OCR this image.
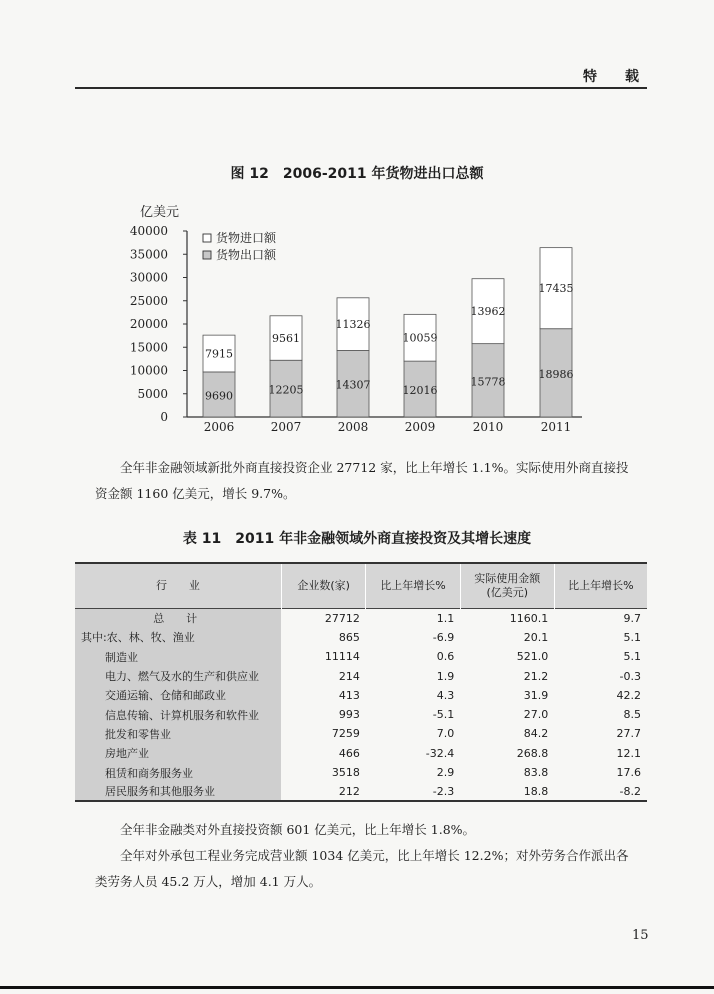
特　载
图 12　2006-2011 年货物进出口总额
亿美元
40000
35000
30000
25000
20000
15000
10000
5000
0
9690
7915
2006
12205
9561
2007
14307
11326
2008
12016
10059
2009
15778
13962
2010
18986
17435
2011
货物进口额
货物出口额
全年非金融领域新批外商直接投资企业 27712 家，比上年增长 1.1%。实际使用外商直接投
资金额 1160 亿美元，增长 9.7%。
表 11　2011 年非金融领域外商直接投资及其增长速度
行　　业	企业数(家)	比上年增长%	实际使用金额
(亿美元)	比上年增长%
总　　计	27712	1.1	1160.1	9.7
其中:农、林、牧、渔业	865	-6.9	20.1	5.1
制造业	11114	0.6	521.0	5.1
电力、燃气及水的生产和供应业	214	1.9	21.2	-0.3
交通运输、仓储和邮政业	413	4.3	31.9	42.2
信息传输、计算机服务和软件业	993	-5.1	27.0	8.5
批发和零售业	7259	7.0	84.2	27.7
房地产业	466	-32.4	268.8	12.1
租赁和商务服务业	3518	2.9	83.8	17.6
居民服务和其他服务业	212	-2.3	18.8	-8.2
全年非金融类对外直接投资额 601 亿美元，比上年增长 1.8%。
全年对外承包工程业务完成营业额 1034 亿美元，比上年增长 12.2%；对外劳务合作派出各
类劳务人员 45.2 万人，增加 4.1 万人。
15
